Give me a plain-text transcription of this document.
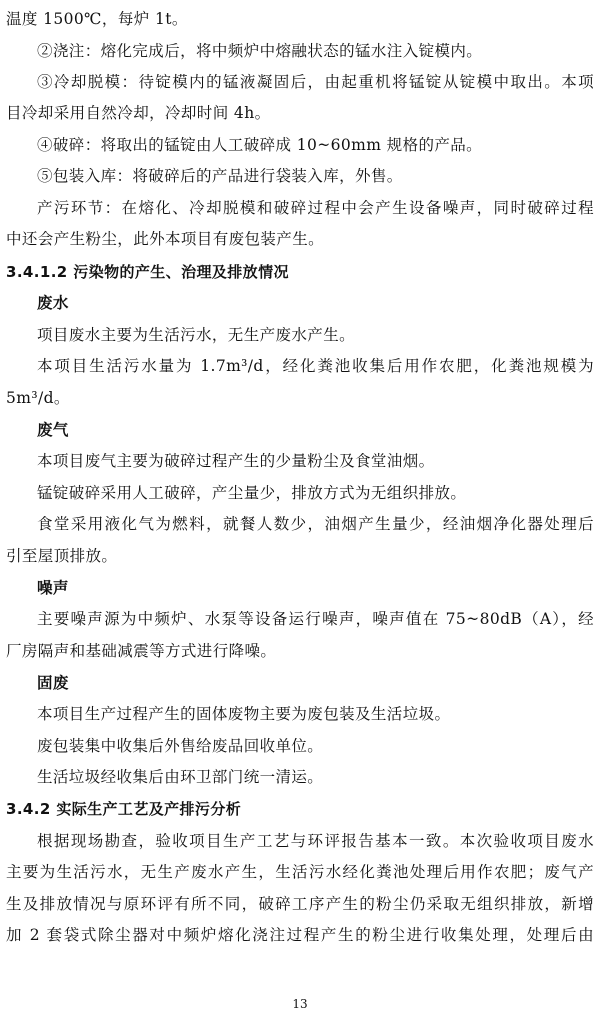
温度 1500℃，每炉 1t。
②浇注：熔化完成后，将中频炉中熔融状态的锰水注入锭模内。
③冷却脱模：待锭模内的锰液凝固后，由起重机将锰锭从锭模中取出。本项
目冷却采用自然冷却，冷却时间 4h。
④破碎：将取出的锰锭由人工破碎成 10~60mm 规格的产品。
⑤包装入库：将破碎后的产品进行袋装入库，外售。
产污环节：在熔化、冷却脱模和破碎过程中会产生设备噪声，同时破碎过程
中还会产生粉尘，此外本项目有废包装产生。
3.4.1.2 污染物的产生、治理及排放情况
废水
项目废水主要为生活污水，无生产废水产生。
本项目生活污水量为 1.7m³/d，经化粪池收集后用作农肥，化粪池规模为
5m³/d。
废气
本项目废气主要为破碎过程产生的少量粉尘及食堂油烟。
锰锭破碎采用人工破碎，产尘量少，排放方式为无组织排放。
食堂采用液化气为燃料，就餐人数少，油烟产生量少，经油烟净化器处理后
引至屋顶排放。
噪声
主要噪声源为中频炉、水泵等设备运行噪声，噪声值在 75~80dB（A），经
厂房隔声和基础减震等方式进行降噪。
固废
本项目生产过程产生的固体废物主要为废包装及生活垃圾。
废包装集中收集后外售给废品回收单位。
生活垃圾经收集后由环卫部门统一清运。
3.4.2 实际生产工艺及产排污分析
根据现场勘查，验收项目生产工艺与环评报告基本一致。本次验收项目废水
主要为生活污水，无生产废水产生，生活污水经化粪池处理后用作农肥；废气产
生及排放情况与原环评有所不同，破碎工序产生的粉尘仍采取无组织排放，新增
加 2 套袋式除尘器对中频炉熔化浇注过程产生的粉尘进行收集处理，处理后由
13
